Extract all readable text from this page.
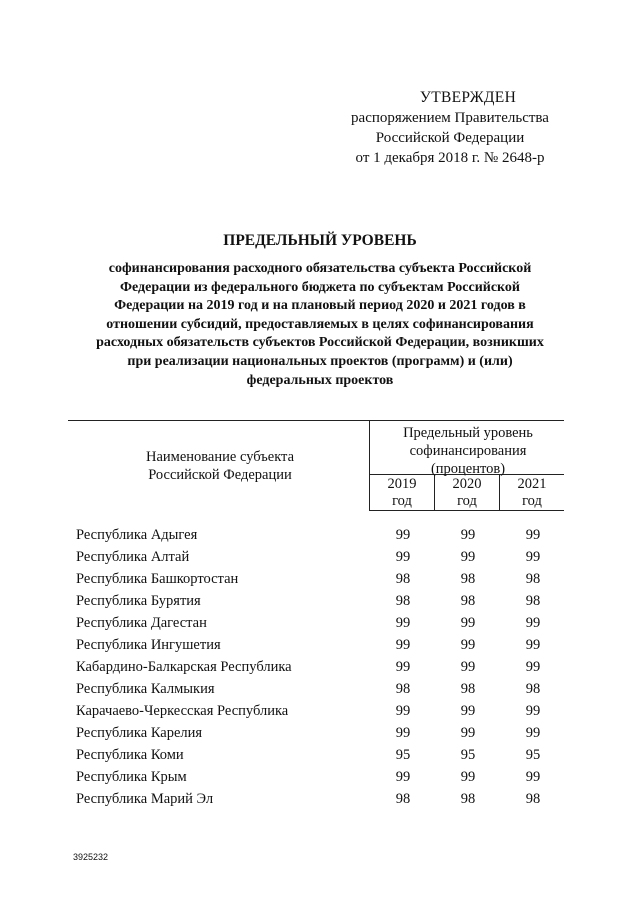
УТВЕРЖДЕН
распоряжением Правительства
Российской Федерации
от 1 декабря 2018 г. № 2648-р
ПРЕДЕЛЬНЫЙ УРОВЕНЬ
софинансирования расходного обязательства субъекта Российской
Федерации из федерального бюджета по субъектам Российской
Федерации на 2019 год и на плановый период 2020 и 2021 годов в
отношении субсидий, предоставляемых в целях софинансирования
расходных обязательств субъектов Российской Федерации, возникших
при реализации национальных проектов (программ) и (или)
федеральных проектов
Наименование субъекта
Российской Федерации
Предельный уровень
софинансирования
(процентов)
2019
год
2020
год
2021
год
Республика Адыгея	99	99	99
Республика Алтай	99	99	99
Республика Башкортостан	98	98	98
Республика Бурятия	98	98	98
Республика Дагестан	99	99	99
Республика Ингушетия	99	99	99
Кабардино-Балкарская Республика	99	99	99
Республика Калмыкия	98	98	98
Карачаево-Черкесская Республика	99	99	99
Республика Карелия	99	99	99
Республика Коми	95	95	95
Республика Крым	99	99	99
Республика Марий Эл	98	98	98
3925232
